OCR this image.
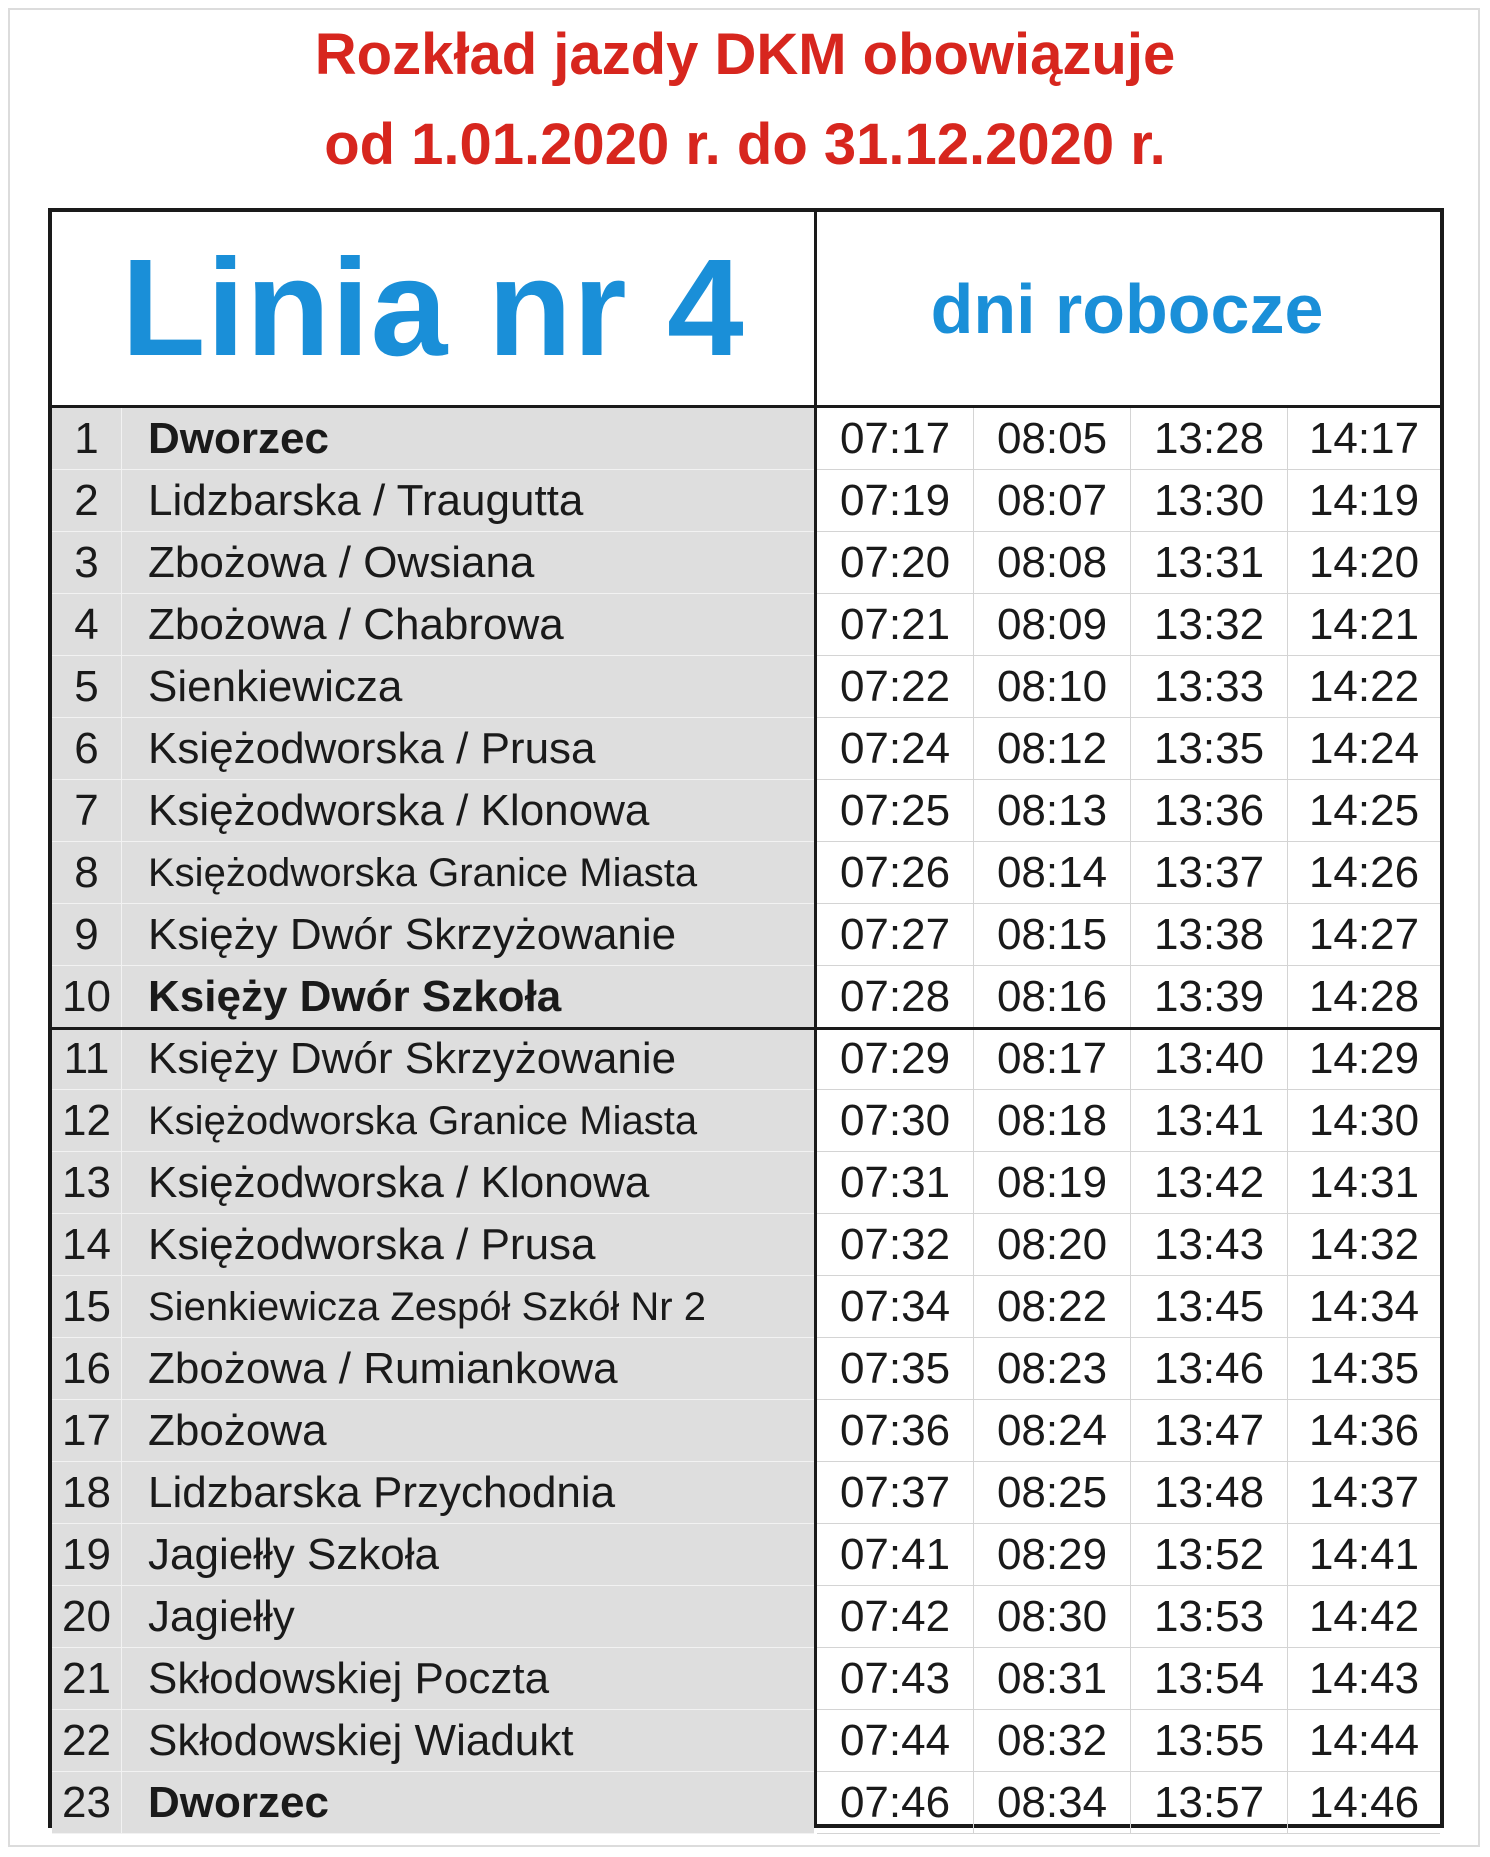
Rozkład jazdy DKM obowiązuje
od 1.01.2020 r. do 31.12.2020 r.
Linia nr 4	dni robocze
1	Dworzec	07:17	08:05	13:28	14:17
2	Lidzbarska / Traugutta	07:19	08:07	13:30	14:19
3	Zbożowa / Owsiana	07:20	08:08	13:31	14:20
4	Zbożowa / Chabrowa	07:21	08:09	13:32	14:21
5	Sienkiewicza	07:22	08:10	13:33	14:22
6	Księżodworska / Prusa	07:24	08:12	13:35	14:24
7	Księżodworska / Klonowa	07:25	08:13	13:36	14:25
8	Księżodworska Granice Miasta	07:26	08:14	13:37	14:26
9	Księży Dwór Skrzyżowanie	07:27	08:15	13:38	14:27
10 Księży Dwór Szkoła	07:28	08:16	13:39	14:28
11 Księży Dwór Skrzyżowanie	07:29	08:17	13:40	14:29
12 Księżodworska Granice Miasta	07:30	08:18	13:41	14:30
13 Księżodworska / Klonowa	07:31	08:19	13:42	14:31
14 Księżodworska / Prusa	07:32	08:20	13:43	14:32
15 Sienkiewicza Zespół Szkół Nr 2	07:34	08:22	13:45	14:34
16 Zbożowa / Rumiankowa	07:35	08:23	13:46	14:35
17 Zbożowa	07:36	08:24	13:47	14:36
18 Lidzbarska Przychodnia	07:37	08:25	13:48	14:37
19 Jagiełły Szkoła	07:41	08:29	13:52	14:41
20 Jagiełły	07:42	08:30	13:53	14:42
21 Skłodowskiej Poczta	07:43	08:31	13:54	14:43
22 Skłodowskiej Wiadukt	07:44	08:32	13:55	14:44
23 Dworzec	07:46	08:34	13:57	14:46
